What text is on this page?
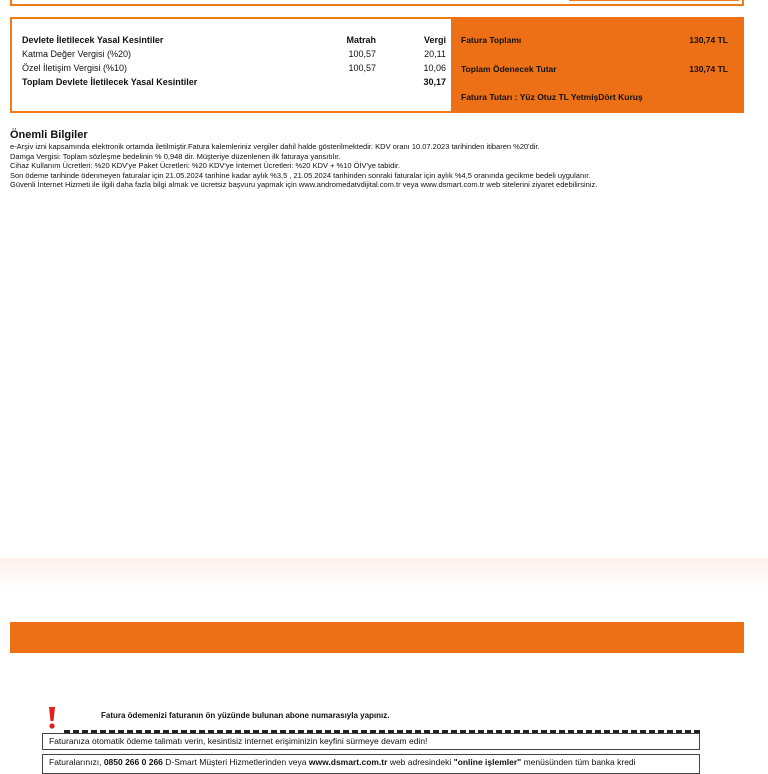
Devlete İletilecek Yasal Kesintiler	Matrah	Vergi
Katma Değer Vergisi (%20)	100,57	20,11
Özel İletişim Vergisi (%10)	100,57	10,06
Toplam Devlete İletilecek Yasal Kesintiler		30,17
Fatura Toplamı	130,74 TL
Toplam Ödenecek Tutar	130,74 TL
Fatura Tutarı : Yüz Otuz TL YetmişDört Kuruş
Önemli Bilgiler
e-Arşiv izni kapsamında elektronik ortamda iletilmiştir.Fatura kalemleriniz vergiler dahil halde gösterilmektedir. KDV oranı 10.07.2023 tarihinden itibaren %20'dir.
Damga Vergisi: Toplam sözleşme bedelinin % 0,948 dir. Müşteriye düzenlenen ilk faturaya yansıtılır.
Cihaz Kullanım Ücretleri: %20 KDV'ye Paket Ücretleri: %20 KDV'ye İnternet Ücretleri: %20 KDV + %10 ÖİV'ye tabidir.
Son ödeme tarihinde ödenmeyen faturalar için 21.05.2024 tarihine kadar aylık %3,5 , 21.05.2024 tarihinden sonraki faturalar için aylık %4,5 oranında gecikme bedeli uygulanır.
Güvenli İnternet Hizmeti ile ilgili daha fazla bilgi almak ve ücretsiz başvuru yapmak için www.andromedatvdijital.com.tr veya www.dsmart.com.tr web sitelerini ziyaret edebilirsiniz.
Fatura ödemenizi faturanın ön yüzünde bulunan abone numarasıyla yapınız.
Faturanıza otomatik ödeme talimatı verin, kesintisiz internet erişiminizin keyfini sürmeye devam edin!
Faturalarınızı, 0850 266 0 266 D-Smart Müşteri Hizmetlerinden veya www.dsmart.com.tr web adresindeki "online işlemler" menüsünden tüm banka kredi
